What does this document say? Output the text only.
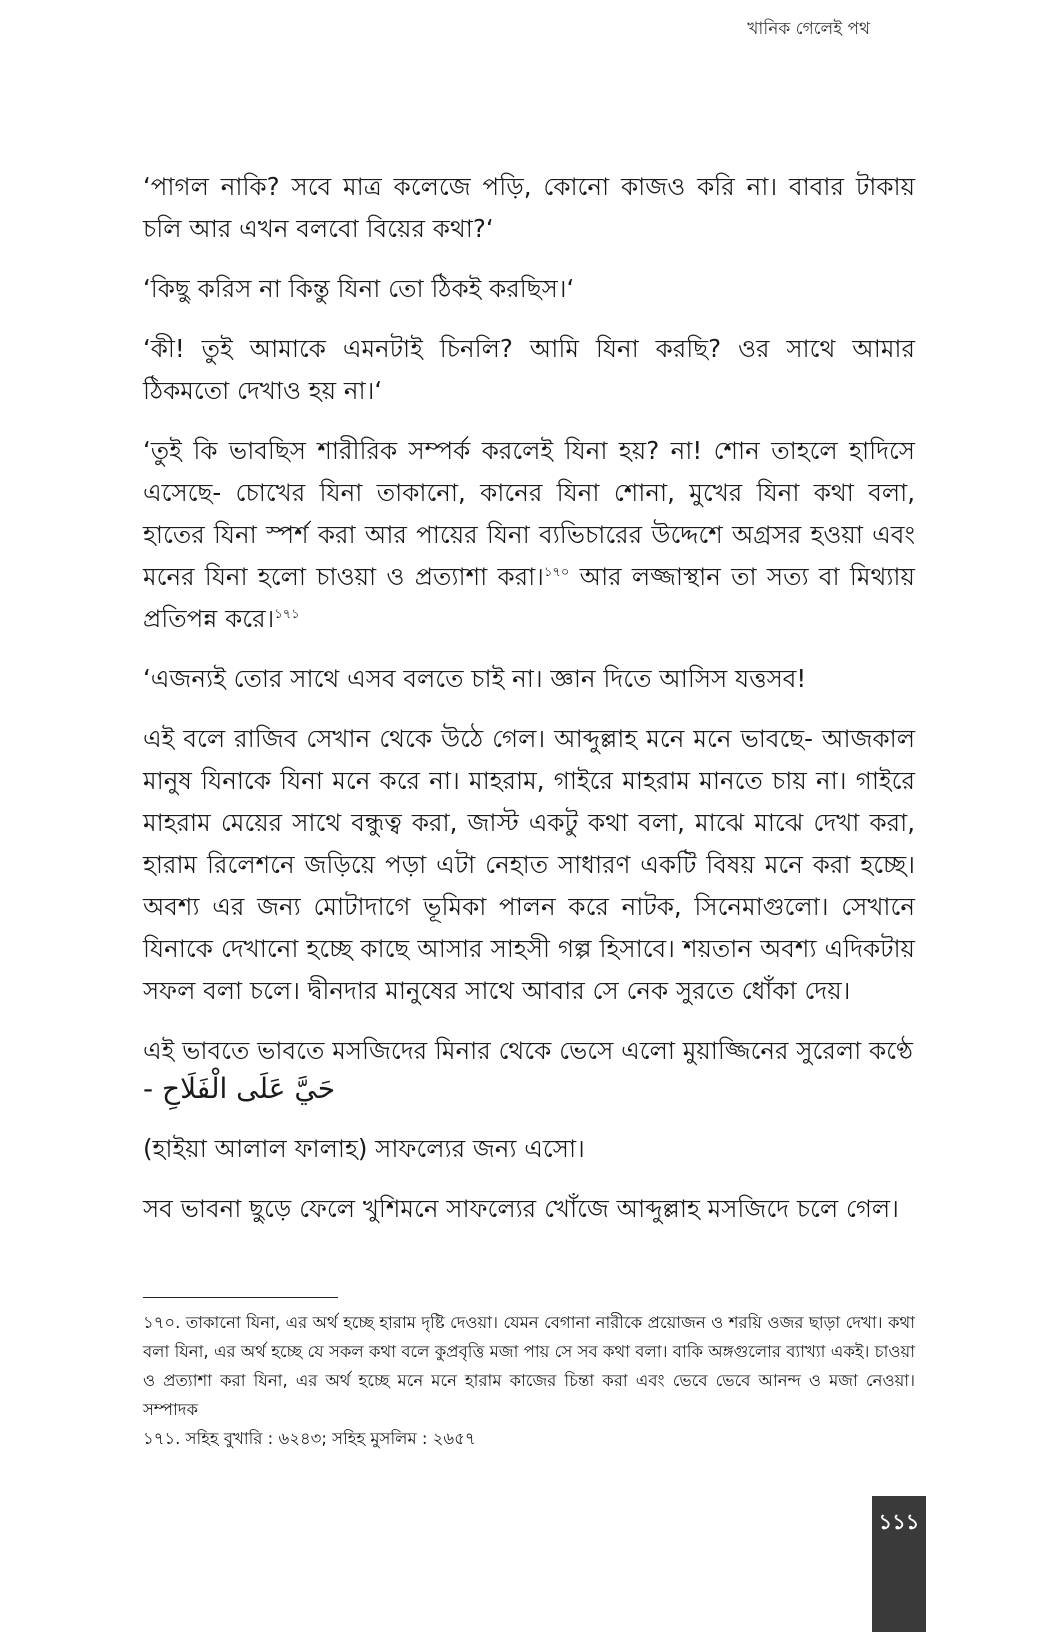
‘পাগল নাকি? সবে মাত্র কলেজে পড়ি, কোনো কাজও করি না। বাবার টাকায় চলি আর এখন বলবো বিয়ের কথা?‘

‘কিছু করিস না কিন্তু যিনা তো ঠিকই করছিস।‘

‘কী! তুই আমাকে এমনটাই চিনলি? আমি যিনা করছি? ওর সাথে আমার ঠিকমতো দেখাও হয় না।‘

‘তুই কি ভাবছিস শারীরিক সম্পর্ক করলেই যিনা হয়? না! শোন তাহলে হাদিসে এসেছে- চোখের যিনা তাকানো, কানের যিনা শোনা, মুখের যিনা কথা বলা, হাতের যিনা স্পর্শ করা আর পায়ের যিনা ব্যভিচারের উদ্দেশে অগ্রসর হওয়া এবং মনের যিনা হলো চাওয়া ও প্রত্যাশা করা।$^{১৭০}$ আর লজ্জাস্থান তা সত্য বা মিথ্যায় প্রতিপন্ন করে।$^{১৭১}$

‘এজন্যই তোর সাথে এসব বলতে চাই না। জ্ঞান দিতে আসিস যত্তসব!

এই বলে রাজিব সেখান থেকে উঠে গেল। আব্দুল্লাহ মনে মনে ভাবছে- আজকাল মানুষ যিনাকে যিনা মনে করে না। মাহরাম, গাইরে মাহরাম মানতে চায় না। গাইরে মাহরাম মেয়ের সাথে বন্ধুত্ব করা, জাস্ট একটু কথা বলা, মাঝে মাঝে দেখা করা, হারাম রিলেশনে জড়িয়ে পড়া এটা নেহাত সাধারণ একটি বিষয় মনে করা হচ্ছে। অবশ্য এর জন্য মোটাদাগে ভূমিকা পালন করে নাটক, সিনেমাগুলো। সেখানে যিনাকে দেখানো হচ্ছে কাছে আসার সাহসী গল্প হিসাবে। শয়তান অবশ্য এদিকটায় সফল বলা চলে। দ্বীনদার মানুষের সাথে আবার সে নেক সুরতে ধোঁকা দেয়।

এই ভাবতে ভাবতে মসজিদের মিনার থেকে ভেসে এলো মুয়াজ্জিনের সুরেলা কণ্ঠে
حَيَّ عَلَى الْفَلَاحِ -

(হাইয়া আলাল ফালাহ) সাফল্যের জন্য এসো।

সব ভাবনা ছুড়ে ফেলে খুশিমনে সাফল্যের খোঁজে আব্দুল্লাহ মসজিদে চলে গেল।

১৭০. তাকানো যিনা, এর অর্থ হচ্ছে হারাম দৃষ্টি দেওয়া। যেমন বেগানা নারীকে প্রয়োজন ও শরয়ি ওজর ছাড়া দেখা। কথা বলা যিনা, এর অর্থ হচ্ছে যে সকল কথা বলে কুপ্রবৃত্তি মজা পায় সে সব কথা বলা। বাকি অঙ্গগুলোর ব্যাখ্যা একই। চাওয়া ও প্রত্যাশা করা যিনা, এর অর্থ হচ্ছে মনে মনে হারাম কাজের চিন্তা করা এবং ভেবে ভেবে আনন্দ ও মজা নেওয়া। সম্পাদক

১৭১. সহিহ বুখারি : ৬২৪৩; সহিহ মুসলিম : ২৬৫৭

খানিক গেলেই পথ
১১১
